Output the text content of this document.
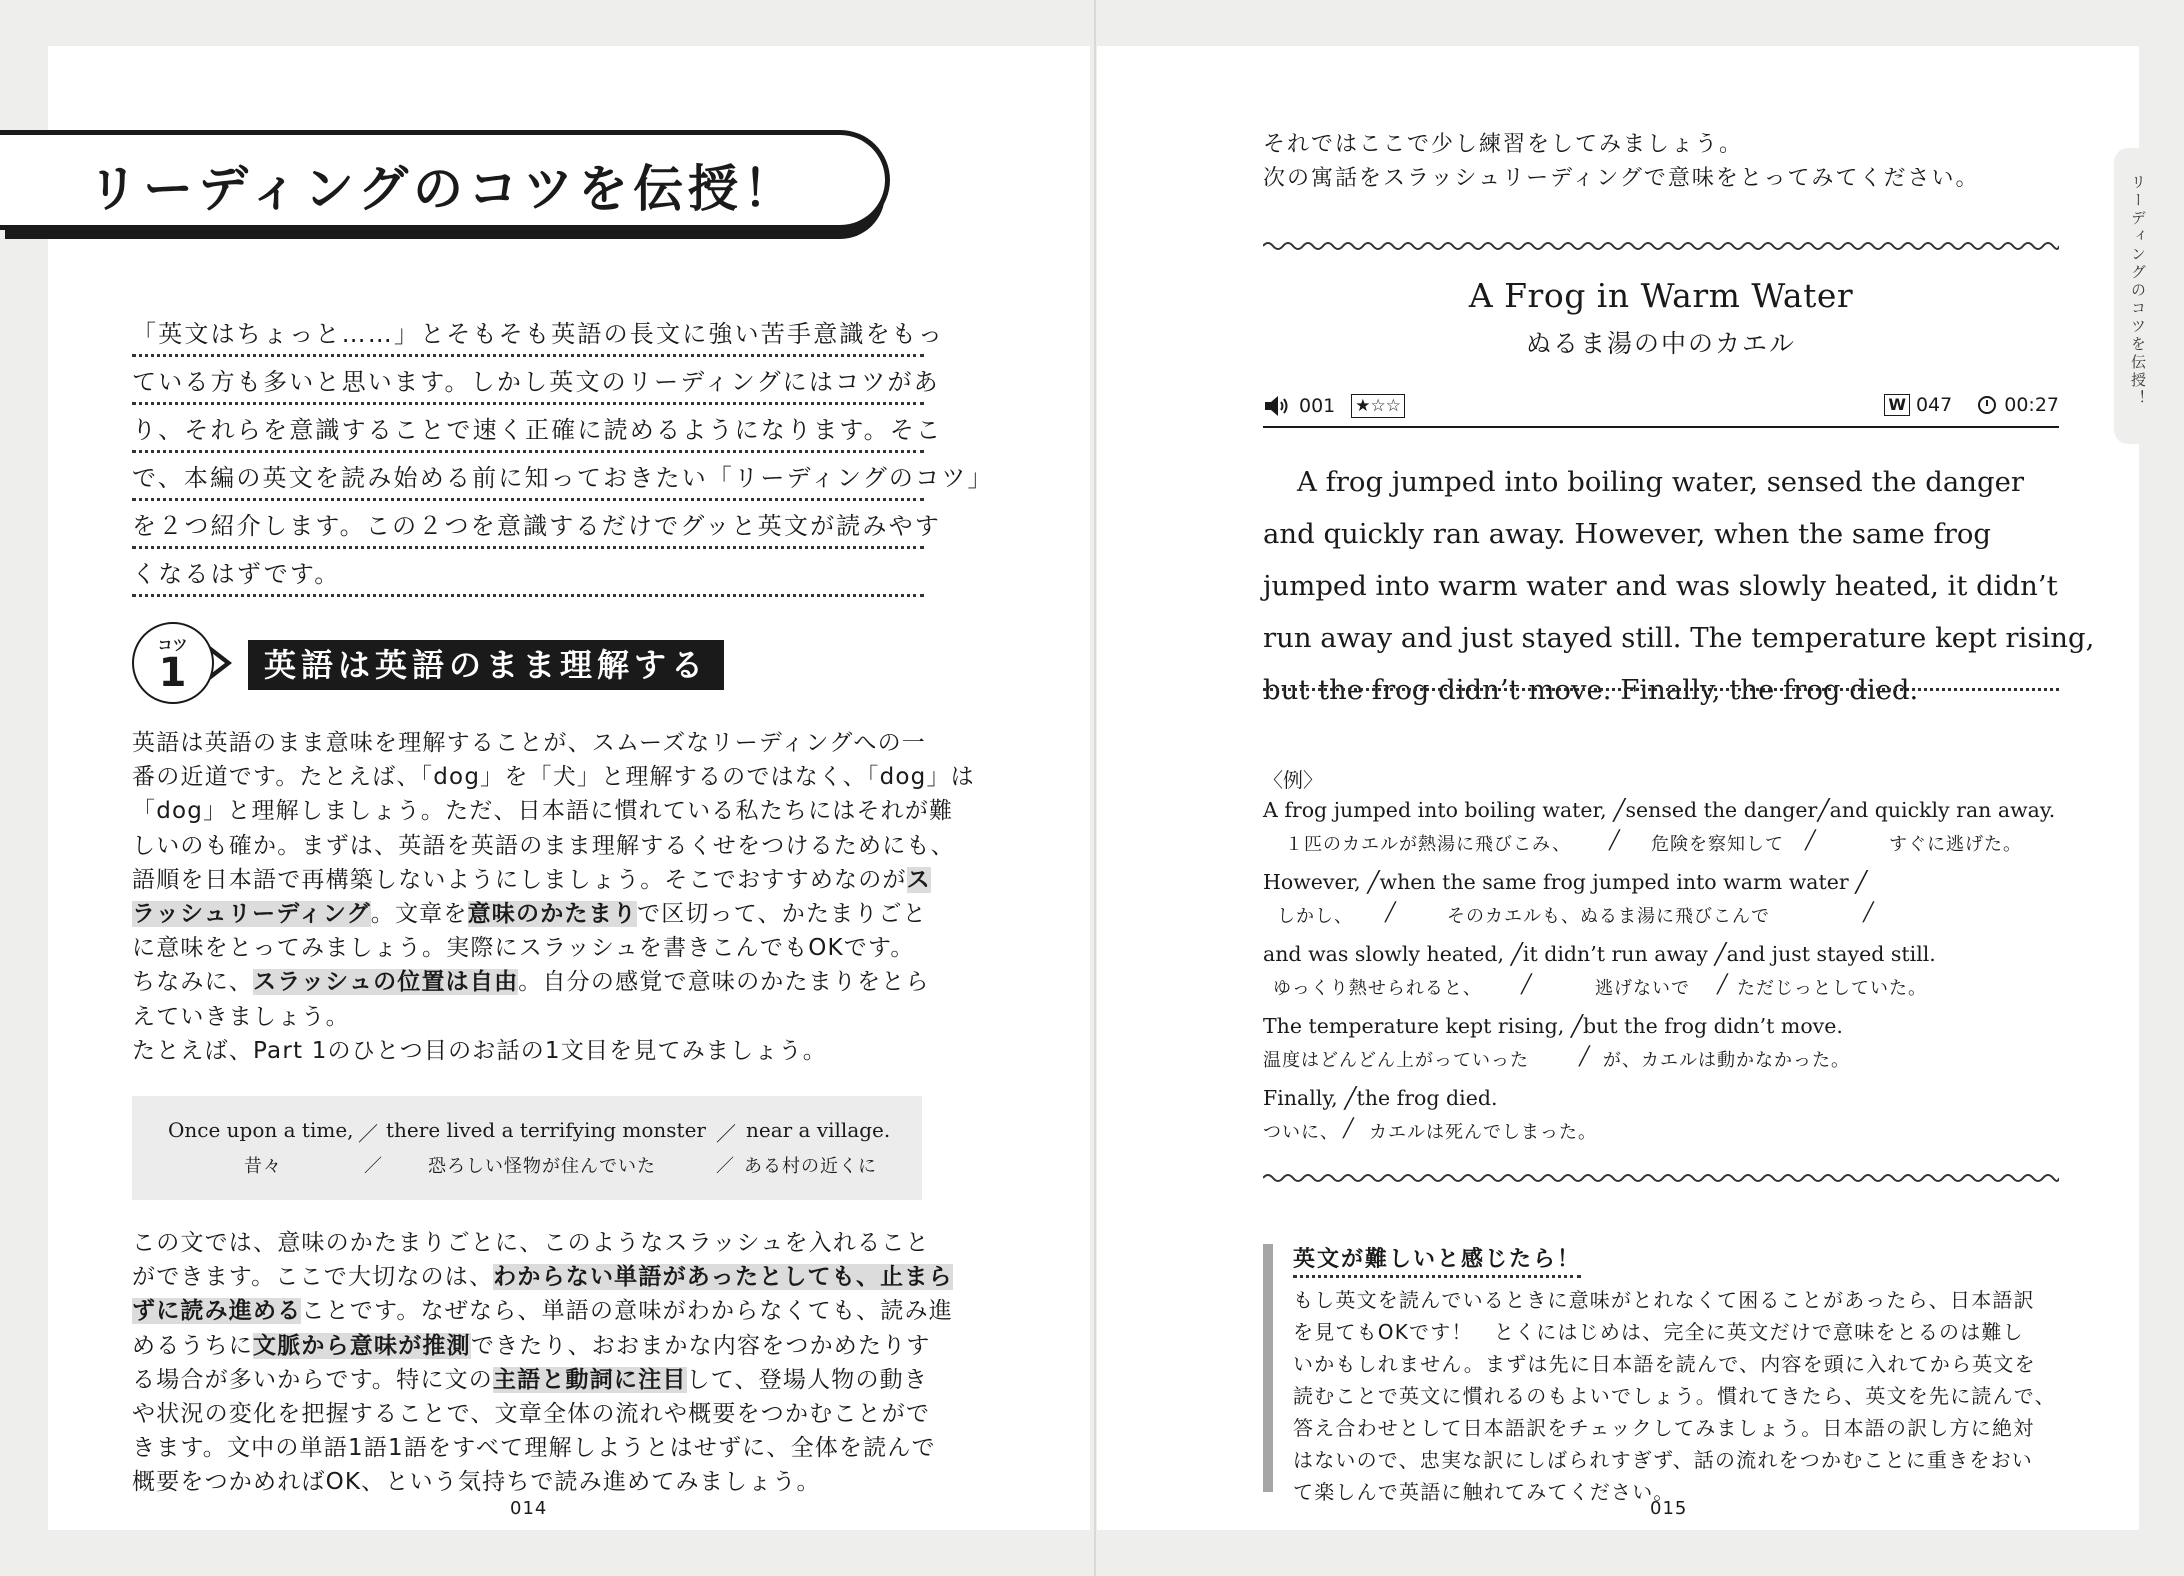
リーディングのコツを伝授！
「英文はちょっと……」とそもそも英語の長文に強い苦手意識をもっ
ている方も多いと思います。しかし英文のリーディングにはコツがあ
り、それらを意識することで速く正確に読めるようになります。そこ
で、本編の英文を読み始める前に知っておきたい「リーディングのコツ」
を２つ紹介します。この２つを意識するだけでグッと英文が読みやす
くなるはずです。
コツ
1	英語は英語のまま理解する
英語は英語のまま意味を理解することが、スムーズなリーディングへの一
番の近道です。たとえば、「dog」を「犬」と理解するのではなく、「dog」は
「dog」と理解しましょう。ただ、日本語に慣れている私たちにはそれが難
しいのも確か。まずは、英語を英語のまま理解するくせをつけるためにも、
語順を日本語で再構築しないようにしましょう。そこでおすすめなのがス
ラッシュリーディング。文章を意味のかたまりで区切って、かたまりごと
に意味をとってみましょう。実際にスラッシュを書きこんでもOKです。
ちなみに、スラッシュの位置は自由。自分の感覚で意味のかたまりをとら
えていきましょう。
たとえば、Part 1のひとつ目のお話の1文目を見てみましょう。
Once upon a time, ／ there lived a terrifying monster ／ near a village.
昔々	／	恐ろしい怪物が住んでいた	／ ある村の近くに
この文では、意味のかたまりごとに、このようなスラッシュを入れること
ができます。ここで大切なのは、わからない単語があったとしても、止まら
ずに読み進めることです。なぜなら、単語の意味がわからなくても、読み進
めるうちに文脈から意味が推測できたり、おおまかな内容をつかめたりす
る場合が多いからです。特に文の主語と動詞に注目して、登場人物の動き
や状況の変化を把握することで、文章全体の流れや概要をつかむことがで
きます。文中の単語1語1語をすべて理解しようとはせずに、全体を読んで
概要をつかめればOK、という気持ちで読み進めてみましょう。
014
それではここで少し練習をしてみましょう。
次の寓話をスラッシュリーディングで意味をとってみてください。
A Frog in Warm Water
ぬるま湯の中のカエル
001 ★☆☆	W 047	00:27
A frog jumped into boiling water, sensed the danger
and quickly ran away. However, when the same frog
jumped into warm water and was slowly heated, it didn’t
run away and just stayed still. The temperature kept rising,
but the frog didn’t move. Finally, the frog died.
〈例〉
A frog jumped into boiling water, ╱sensed the danger╱and quickly ran away.
１匹のカエルが熱湯に飛びこみ、 ╱ 危険を察知して ╱	すぐに逃げた。
However, ╱when the same frog jumped into warm water ╱
しかし、 ╱	そのカエルも、ぬるま湯に飛びこんで	╱
and was slowly heated, ╱it didn’t run away ╱and just stayed still.
ゆっくり熱せられると、 ╱	逃げないで ╱ ただじっとしていた。
The temperature kept rising, ╱but the frog didn’t move.
温度はどんどん上がっていった	╱ が、カエルは動かなかった。
Finally, ╱the frog died.
ついに、 ╱ カエルは死んでしまった。
英文が難しいと感じたら！
もし英文を読んでいるときに意味がとれなくて困ることがあったら、日本語訳
を見てもOKです！　とくにはじめは、完全に英文だけで意味をとるのは難し
いかもしれません。まずは先に日本語を読んで、内容を頭に入れてから英文を
読むことで英文に慣れるのもよいでしょう。慣れてきたら、英文を先に読んで、
答え合わせとして日本語訳をチェックしてみましょう。日本語の訳し方に絶対
はないので、忠実な訳にしばられすぎず、話の流れをつかむことに重きをおい
て楽しんで英語に触れてみてください。
015
リーディングのコツを伝授！
